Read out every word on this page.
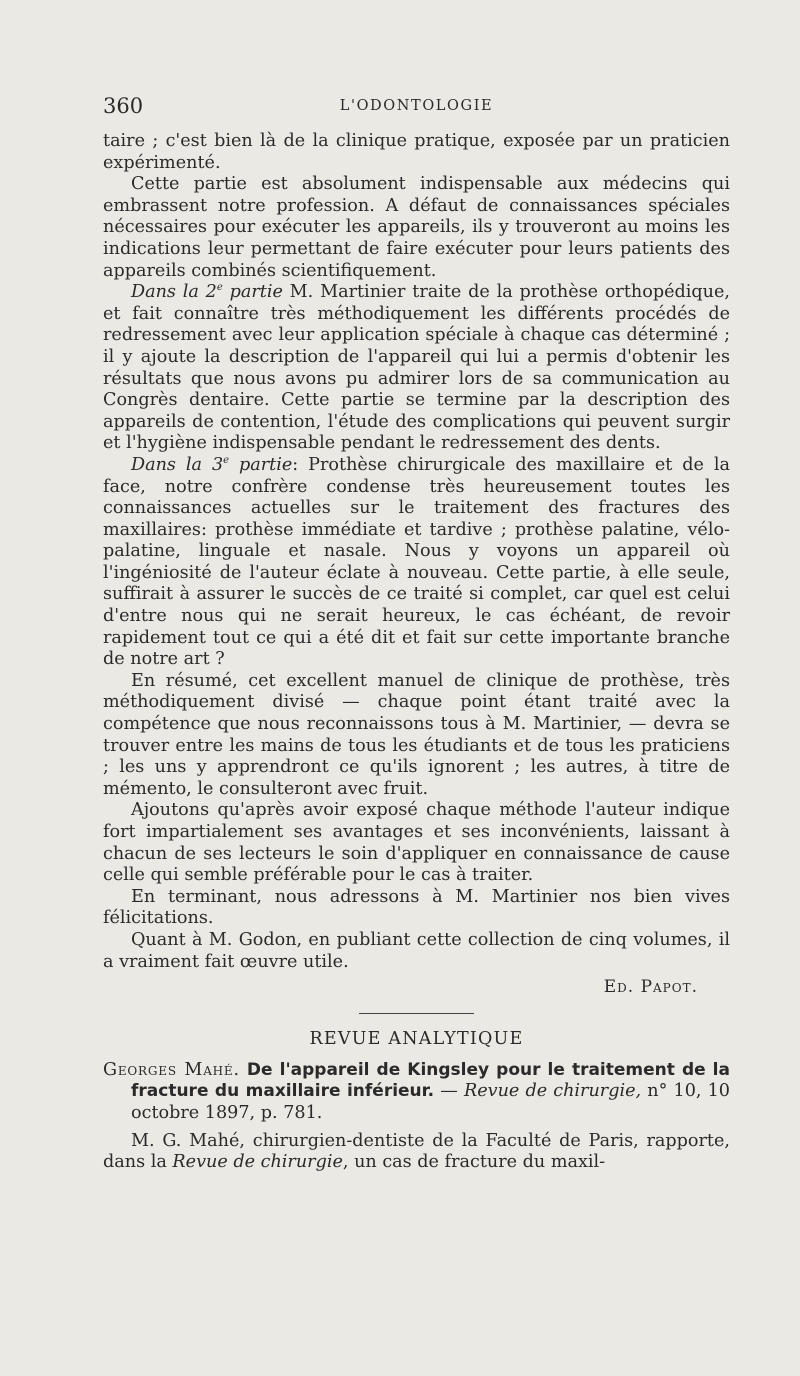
360	L'ODONTOLOGIE

taire ; c'est bien là de la clinique pratique, exposée par un praticien expérimenté.

Cette partie est absolument indispensable aux médecins qui embrassent notre profession. A défaut de connaissances spéciales nécessaires pour exécuter les appareils, ils y trouveront au moins les indications leur permettant de faire exécuter pour leurs patients des appareils combinés scientifiquement.

Dans la 2e partie M. Martinier traite de la prothèse orthopédique, et fait connaître très méthodiquement les différents procédés de redressement avec leur application spéciale à chaque cas déterminé ; il y ajoute la description de l'appareil qui lui a permis d'obtenir les résultats que nous avons pu admirer lors de sa communication au Congrès dentaire. Cette partie se termine par la description des appareils de contention, l'étude des complications qui peuvent surgir et l'hygiène indispensable pendant le redressement des dents.

Dans la 3e partie: Prothèse chirurgicale des maxillaire et de la face, notre confrère condense très heureusement toutes les connaissances actuelles sur le traitement des fractures des maxillaires: prothèse immédiate et tardive ; prothèse palatine, vélo-palatine, linguale et nasale. Nous y voyons un appareil où l'ingéniosité de l'auteur éclate à nouveau. Cette partie, à elle seule, suffirait à assurer le succès de ce traité si complet, car quel est celui d'entre nous qui ne serait heureux, le cas échéant, de revoir rapidement tout ce qui a été dit et fait sur cette importante branche de notre art ?

En résumé, cet excellent manuel de clinique de prothèse, très méthodiquement divisé — chaque point étant traité avec la compétence que nous reconnaissons tous à M. Martinier, — devra se trouver entre les mains de tous les étudiants et de tous les praticiens ; les uns y apprendront ce qu'ils ignorent ; les autres, à titre de mémento, le consulteront avec fruit.

Ajoutons qu'après avoir exposé chaque méthode l'auteur indique fort impartialement ses avantages et ses inconvénients, laissant à chacun de ses lecteurs le soin d'appliquer en connaissance de cause celle qui semble préférable pour le cas à traiter.

En terminant, nous adressons à M. Martinier nos bien vives félicitations.

Quant à M. Godon, en publiant cette collection de cinq volumes, il a vraiment fait œuvre utile.

Ed. Papot.
REVUE ANALYTIQUE

Georges Mahé. De l'appareil de Kingsley pour le traitement de la fracture du maxillaire inférieur. — Revue de chirurgie, n° 10, 10 octobre 1897, p. 781.

M. G. Mahé, chirurgien-dentiste de la Faculté de Paris, rapporte, dans la Revue de chirurgie, un cas de fracture du maxil-
